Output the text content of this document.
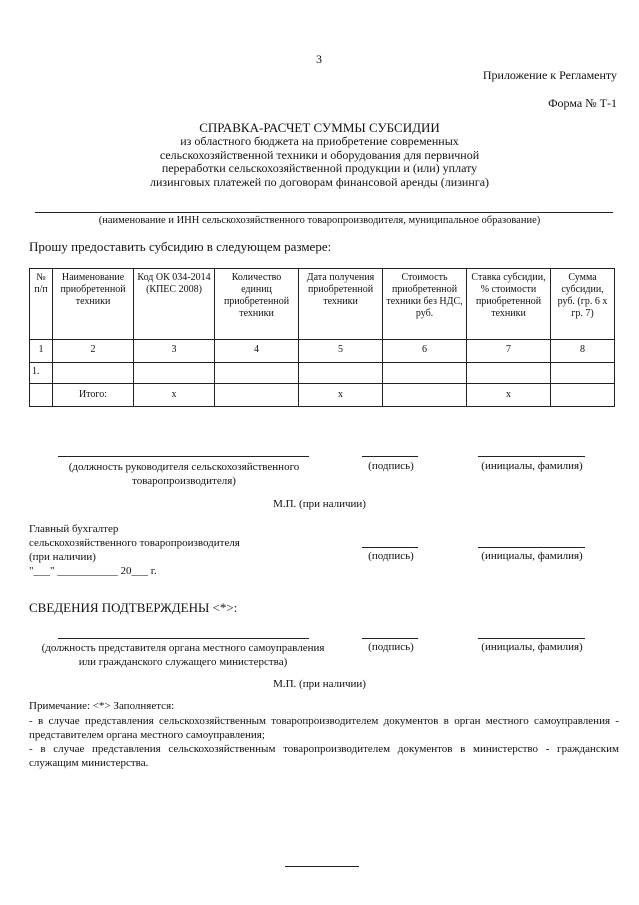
3
Приложение к Регламенту
Форма № Т-1
СПРАВКА-РАСЧЕТ СУММЫ СУБСИДИИ
из областного бюджета на приобретение современных
сельскохозяйственной техники и оборудования для первичной
переработки сельскохозяйственной продукции и (или) уплату
лизинговых платежей по договорам финансовой аренды (лизинга)
(наименование и ИНН сельскохозяйственного товаропроизводителя, муниципальное образование)
Прошу предоставить субсидию в следующем размере:
№ п/п	Наименование приобретенной техники	Код ОК 034-2014 (КПЕС 2008)	Количество единиц приобретенной техники	Дата получения приобретенной техники	Стоимость приобретенной техники без НДС, руб.	Ставка субсидии, % стоимости приобретенной техники	Сумма субсидии, руб. (гр. 6 x гр. 7)
1	2	3	4	5	6	7	8
1.							
	Итого:	x		x		x	
(должность руководителя сельскохозяйственного
товаропроизводителя)
(подпись)	(инициалы, фамилия)
М.П. (при наличии)
Главный бухгалтер
сельскохозяйственного товаропроизводителя
(при наличии)
"___" ___________ 20___ г.
(подпись)	(инициалы, фамилия)
СВЕДЕНИЯ ПОДТВЕРЖДЕНЫ <*>:
(должность представителя органа местного самоуправления
или гражданского служащего министерства)
(подпись)	(инициалы, фамилия)
М.П. (при наличии)
Примечание: <*> Заполняется:
- в случае представления сельскохозяйственным товаропроизводителем документов в орган местного самоуправления - представителем органа местного самоуправления;
- в случае представления сельскохозяйственным товаропроизводителем документов в министерство - гражданским служащим министерства.
